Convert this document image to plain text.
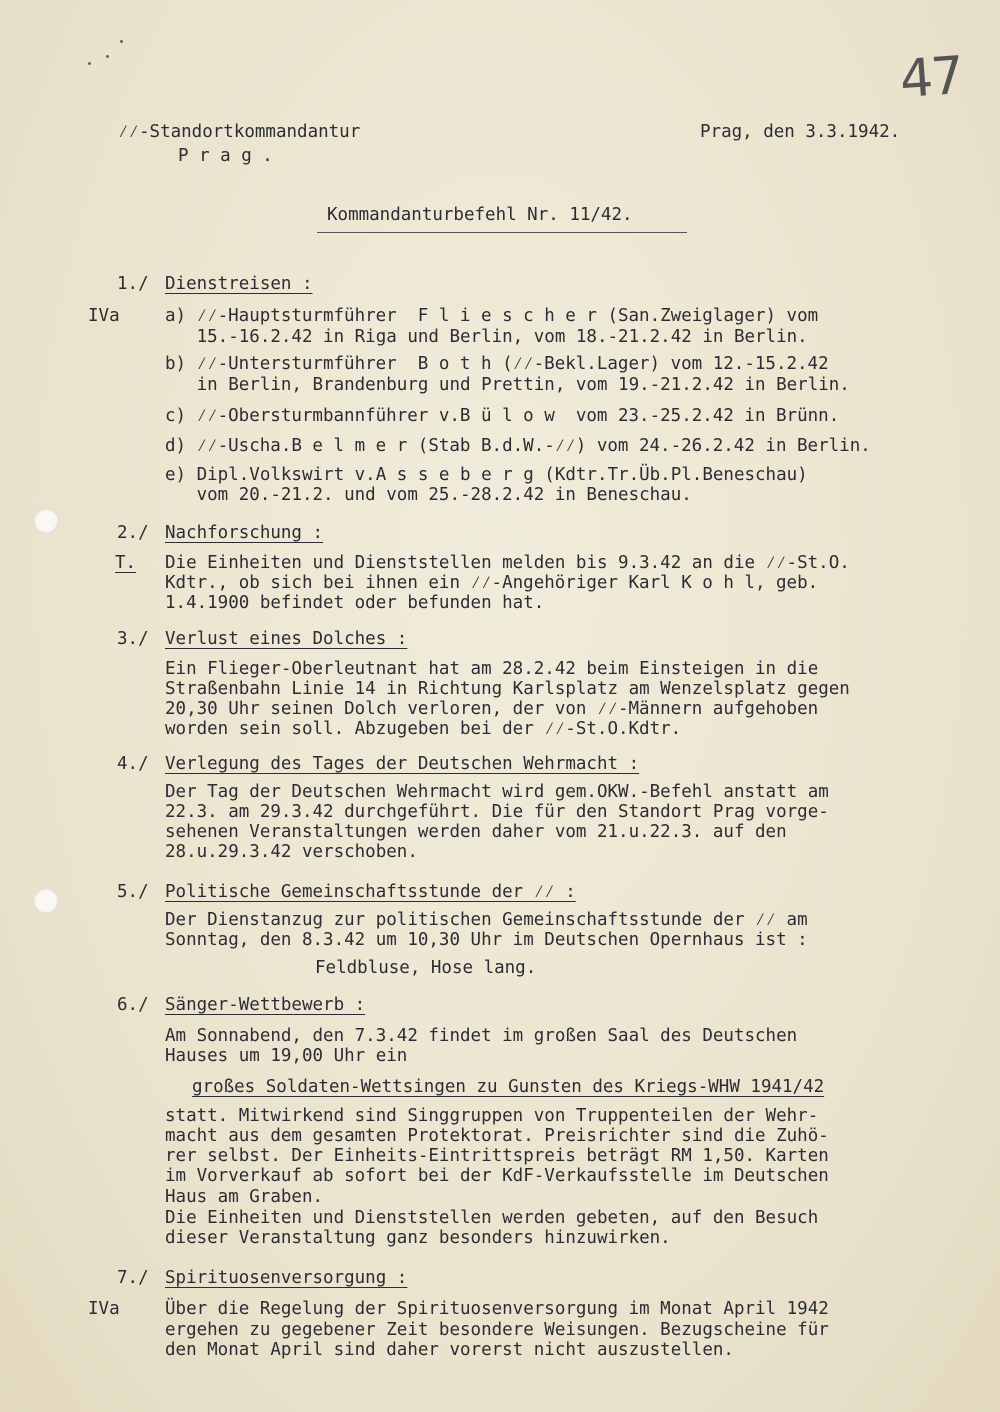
47
⁄⁄-Standortkommandantur
P r a g .
Prag, den 3.3.1942.
Kommandanturbefehl Nr. 11/42.
1./ Dienstreisen :
IVa	a) ⁄⁄-Hauptsturmführer  F l i e s c h e r (San.Zweiglager) vom
15.-16.2.42 in Riga und Berlin, vom 18.-21.2.42 in Berlin.
b) ⁄⁄-Untersturmführer  B o t h (⁄⁄-Bekl.Lager) vom 12.-15.2.42
in Berlin, Brandenburg und Prettin, vom 19.-21.2.42 in Berlin.
c) ⁄⁄-Obersturmbannführer v.B ü l o w  vom 23.-25.2.42 in Brünn.
d) ⁄⁄-Uscha.B e l m e r (Stab B.d.W.-⁄⁄) vom 24.-26.2.42 in Berlin.
e) Dipl.Volkswirt v.A s s e b e r g (Kdtr.Tr.Üb.Pl.Beneschau)
vom 20.-21.2. und vom 25.-28.2.42 in Beneschau.
2./ Nachforschung :
T. Die Einheiten und Dienststellen melden bis 9.3.42 an die ⁄⁄-St.O.
Kdtr., ob sich bei ihnen ein ⁄⁄-Angehöriger Karl K o h l, geb.
1.4.1900 befindet oder befunden hat.
3./ Verlust eines Dolches :
Ein Flieger-Oberleutnant hat am 28.2.42 beim Einsteigen in die
Straßenbahn Linie 14 in Richtung Karlsplatz am Wenzelsplatz gegen
20,30 Uhr seinen Dolch verloren, der von ⁄⁄-Männern aufgehoben
worden sein soll. Abzugeben bei der ⁄⁄-St.O.Kdtr.
4./ Verlegung des Tages der Deutschen Wehrmacht :
Der Tag der Deutschen Wehrmacht wird gem.OKW.-Befehl anstatt am
22.3. am 29.3.42 durchgeführt. Die für den Standort Prag vorge-
sehenen Veranstaltungen werden daher vom 21.u.22.3. auf den
28.u.29.3.42 verschoben.
5./ Politische Gemeinschaftsstunde der ⁄⁄ :
Der Dienstanzug zur politischen Gemeinschaftsstunde der ⁄⁄ am
Sonntag, den 8.3.42 um 10,30 Uhr im Deutschen Opernhaus ist :
Feldbluse, Hose lang.
6./ Sänger-Wettbewerb :
Am Sonnabend, den 7.3.42 findet im großen Saal des Deutschen
Hauses um 19,00 Uhr ein
großes Soldaten-Wettsingen zu Gunsten des Kriegs-WHW 1941/42
statt. Mitwirkend sind Singgruppen von Truppenteilen der Wehr-
macht aus dem gesamten Protektorat. Preisrichter sind die Zuhö-
rer selbst. Der Einheits-Eintrittspreis beträgt RM 1,50. Karten
im Vorverkauf ab sofort bei der KdF-Verkaufsstelle im Deutschen
Haus am Graben.
Die Einheiten und Dienststellen werden gebeten, auf den Besuch
dieser Veranstaltung ganz besonders hinzuwirken.
7./ Spirituosenversorgung :
IVa	Über die Regelung der Spirituosenversorgung im Monat April 1942
ergehen zu gegebener Zeit besondere Weisungen. Bezugscheine für
den Monat April sind daher vorerst nicht auszustellen.
